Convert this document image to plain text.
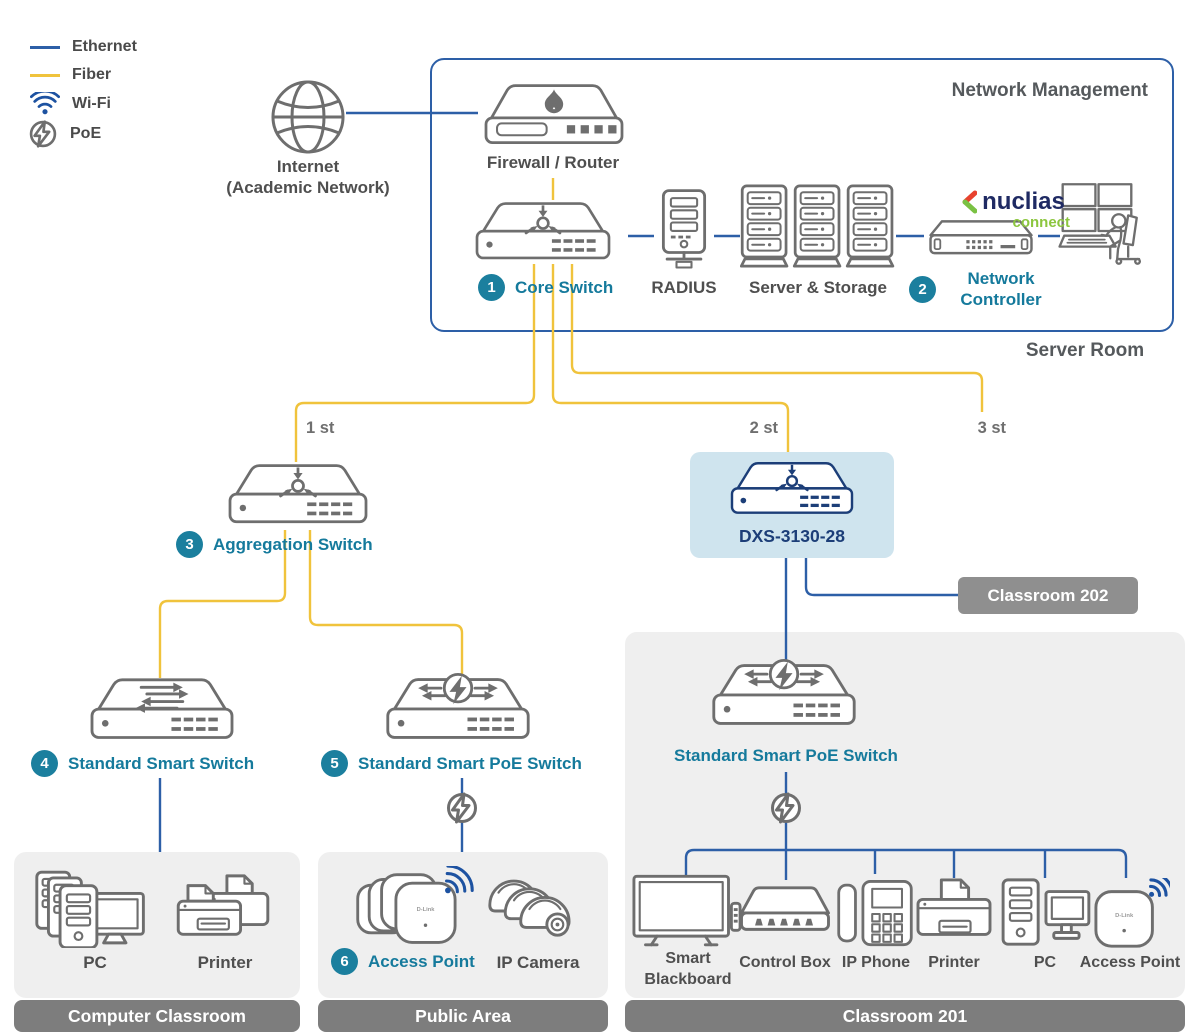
Ethernet
Fiber
Wi-Fi
PoE
Internet
(Academic Network)
Network Management
Firewall / Router
1	Core Switch	RADIUS	Server & Storage
nuclias
connect
2
Network
Controller
Server Room
1 st	2 st	3 st
3	Aggregation Switch	DXS-3130-28
Classroom 202
4	Standard Smart Switch	5	Standard Smart PoE Switch	Standard Smart PoE Switch
PC	Printer
Computer Classroom
D-Link
6	Access Point	IP Camera
Public Area
Smart Blackboard
Control Box IP Phone	Printer	PC
D-Link
Access Point
Classroom 201
